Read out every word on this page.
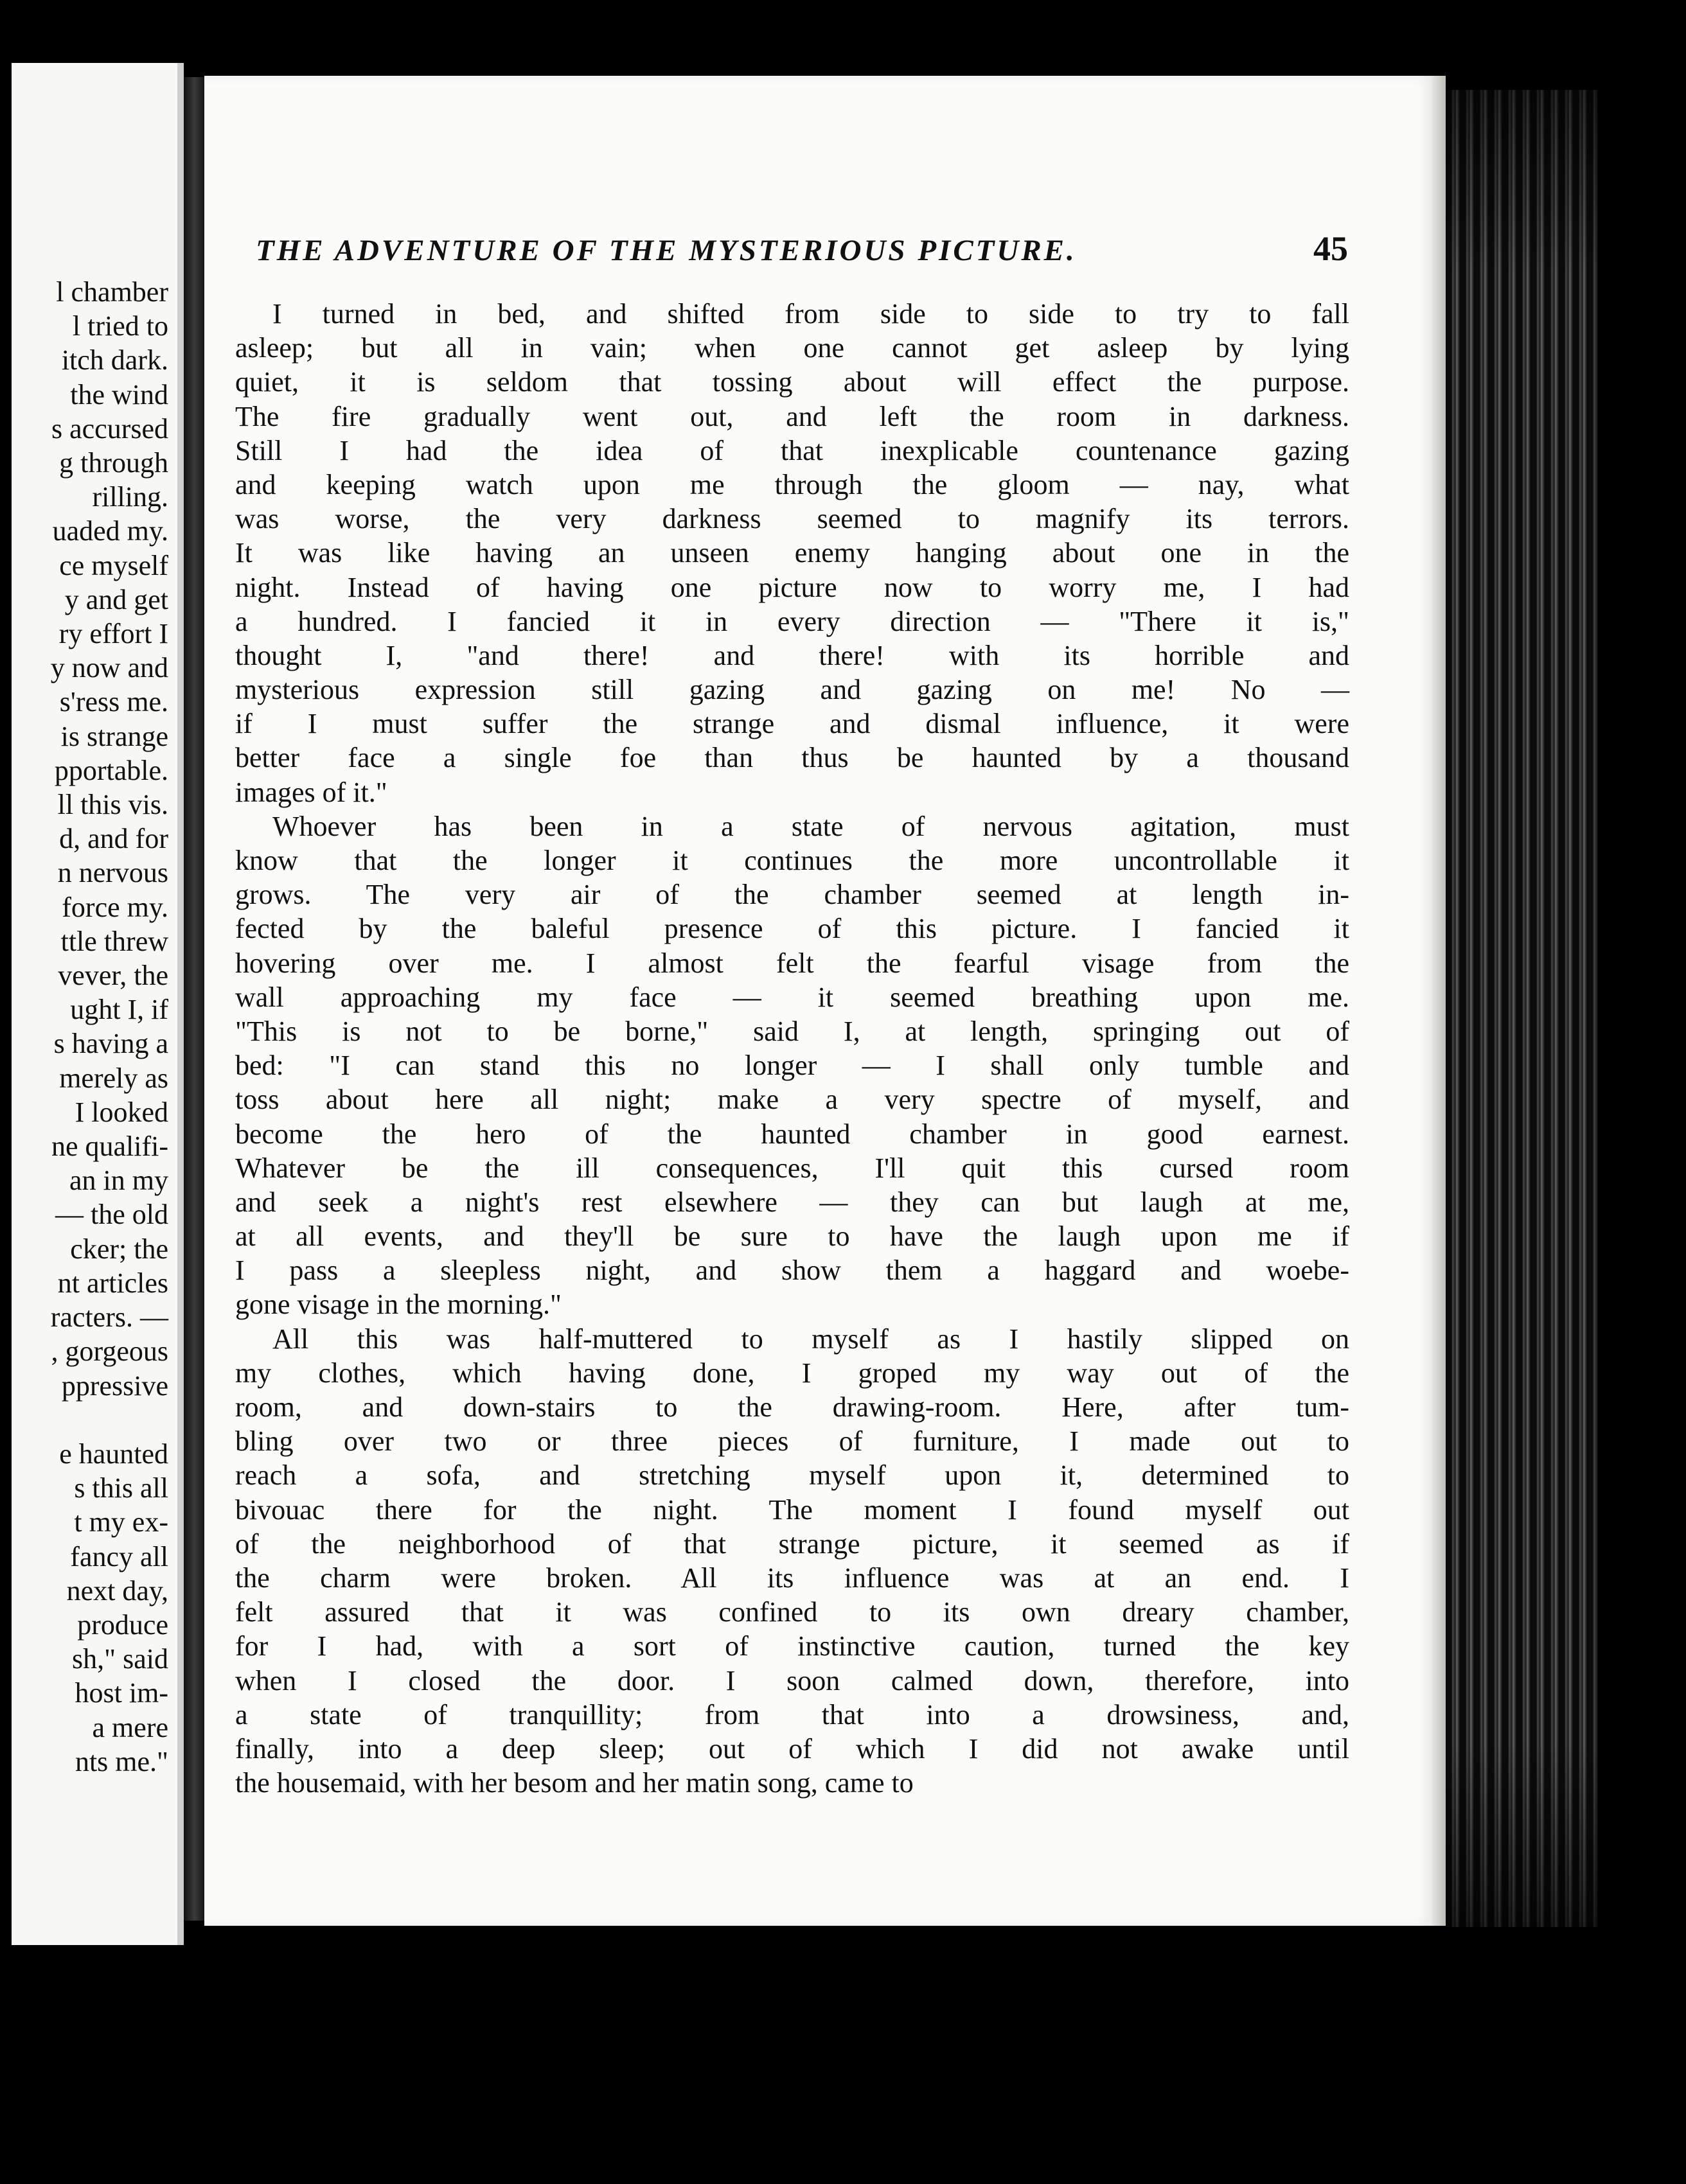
l chamber
l tried to
itch dark.
the wind
s accursed
g through
rilling.
uaded my.
ce myself
y and get
ry effort I
y now and
s'ress me.
is strange
pportable.
ll this vis.
d, and for
n nervous
force my.
ttle threw
vever, the
ught I, if
s having a
merely as
I looked
ne qualifi-
an in my
— the old
cker; the
nt articles
racters. —
, gorgeous
ppressive

e haunted
s this all
t my ex-
fancy all
next day,
produce
sh," said
host im-
a mere
nts me."
THE ADVENTURE OF THE MYSTERIOUS PICTURE.	45

I turned in bed, and shifted from side to side to try to fall
asleep; but all in vain; when one cannot get asleep by lying
quiet, it is seldom that tossing about will effect the purpose.
The fire gradually went out, and left the room in darkness.
Still I had the idea of that inexplicable countenance gazing
and keeping watch upon me through the gloom — nay, what
was worse, the very darkness seemed to magnify its terrors.
It was like having an unseen enemy hanging about one in the
night. Instead of having one picture now to worry me, I had
a hundred. I fancied it in every direction — "There it is,"
thought I, "and there! and there! with its horrible and
mysterious expression still gazing and gazing on me! No —
if I must suffer the strange and dismal influence, it were
better face a single foe than thus be haunted by a thousand
images of it."

Whoever has been in a state of nervous agitation, must
know that the longer it continues the more uncontrollable it
grows. The very air of the chamber seemed at length in-
fected by the baleful presence of this picture. I fancied it
hovering over me. I almost felt the fearful visage from the
wall approaching my face — it seemed breathing upon me.
"This is not to be borne," said I, at length, springing out of
bed: "I can stand this no longer — I shall only tumble and
toss about here all night; make a very spectre of myself, and
become the hero of the haunted chamber in good earnest.
Whatever be the ill consequences, I'll quit this cursed room
and seek a night's rest elsewhere — they can but laugh at me,
at all events, and they'll be sure to have the laugh upon me if
I pass a sleepless night, and show them a haggard and woebe-
gone visage in the morning."

All this was half-muttered to myself as I hastily slipped on
my clothes, which having done, I groped my way out of the
room, and down-stairs to the drawing-room. Here, after tum-
bling over two or three pieces of furniture, I made out to
reach a sofa, and stretching myself upon it, determined to
bivouac there for the night. The moment I found myself out
of the neighborhood of that strange picture, it seemed as if
the charm were broken. All its influence was at an end. I
felt assured that it was confined to its own dreary chamber,
for I had, with a sort of instinctive caution, turned the key
when I closed the door. I soon calmed down, therefore, into
a state of tranquillity; from that into a drowsiness, and,
finally, into a deep sleep; out of which I did not awake until
the housemaid, with her besom and her matin song, came to
